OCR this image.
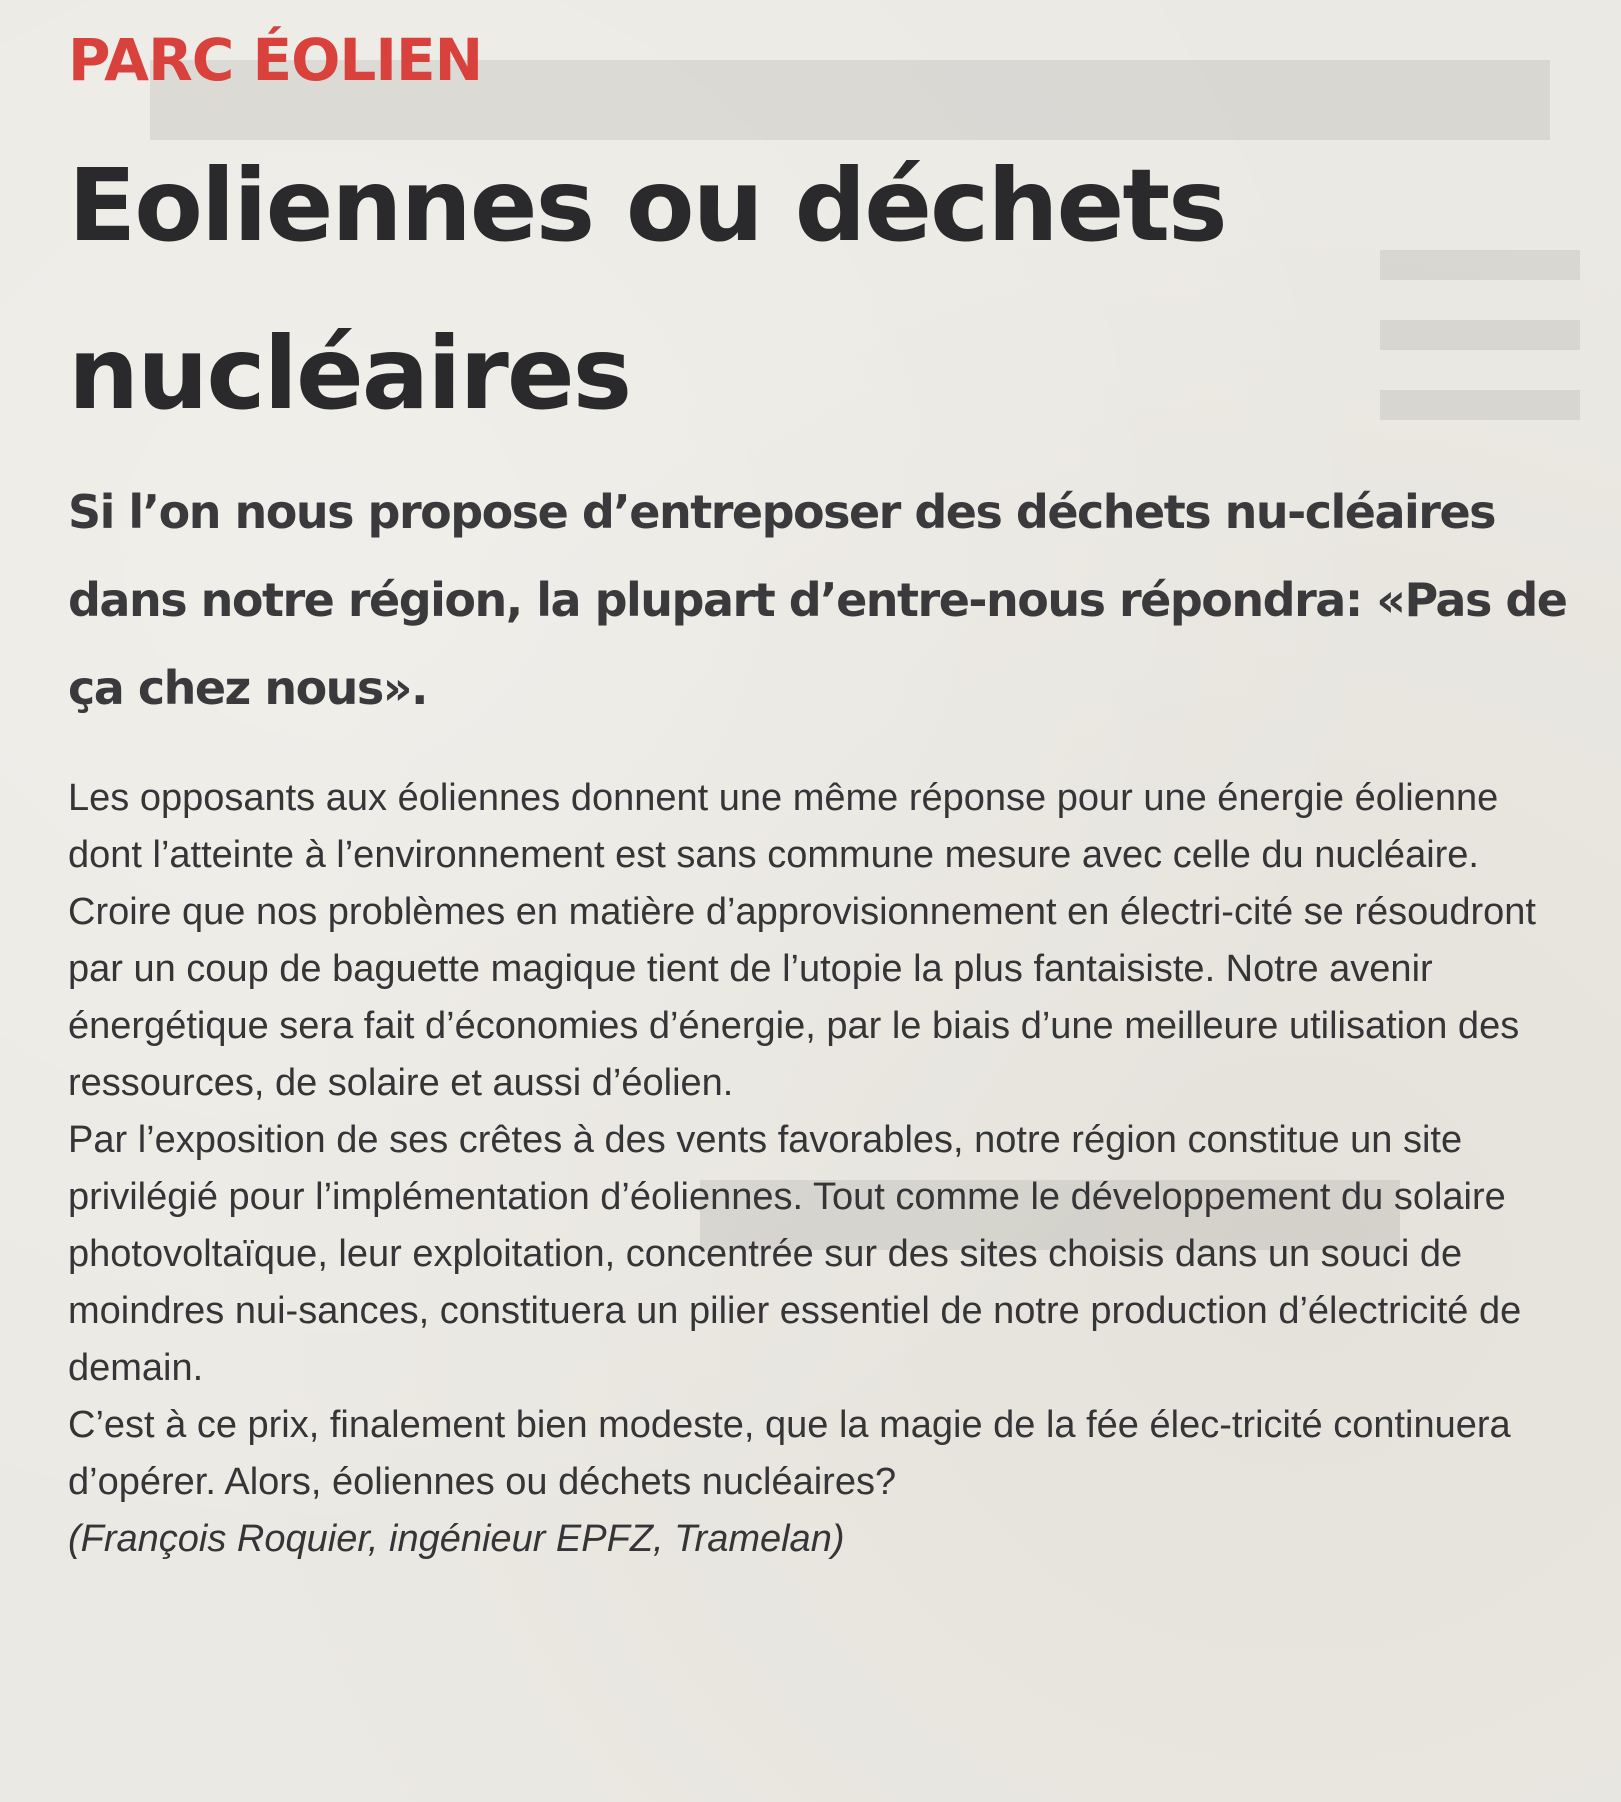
PARC ÉOLIEN
Eoliennes ou déchets
nucléaires

Si l’on nous propose d’entreposer des déchets nu-cléaires dans notre région, la plupart d’entre-nous répondra: «Pas de ça chez nous».

Les opposants aux éoliennes donnent une même réponse pour une énergie éolienne dont l’atteinte à l’environnement est sans commune mesure avec celle du nucléaire.

Croire que nos problèmes en matière d’approvisionnement en électri-cité se résoudront par un coup de baguette magique tient de l’utopie la plus fantaisiste. Notre avenir énergétique sera fait d’économies d’énergie, par le biais d’une meilleure utilisation des ressources, de solaire et aussi d’éolien.

Par l’exposition de ses crêtes à des vents favorables, notre région constitue un site privilégié pour l’implémentation d’éoliennes. Tout comme le développement du solaire photovoltaïque, leur exploitation, concentrée sur des sites choisis dans un souci de moindres nui-sances, constituera un pilier essentiel de notre production d’électricité de demain.

C’est à ce prix, finalement bien modeste, que la magie de la fée élec-tricité continuera d’opérer. Alors, éoliennes ou déchets nucléaires?

(François Roquier, ingénieur EPFZ, Tramelan)
